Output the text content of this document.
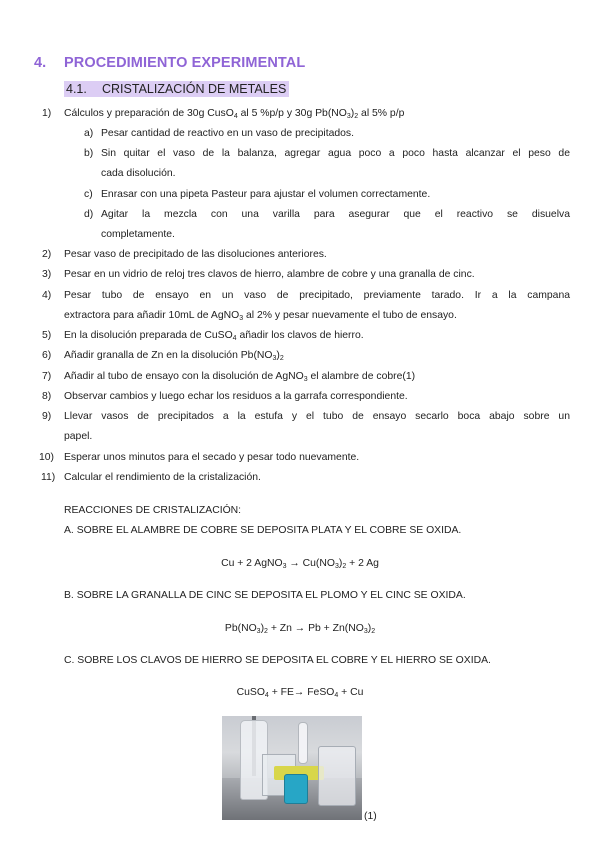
4. PROCEDIMIENTO EXPERIMENTAL
4.1. CRISTALIZACIÓN DE METALES
1) Cálculos y preparación de 30g CusO$_4$ al 5 %p/p y 30g $Pb(NO_3)_2$ al 5% p/p
a) Pesar cantidad de reactivo en un vaso de precipitados.
b) Sin quitar el vaso de la balanza, agregar agua poco a poco hasta alcanzar el peso de
cada disolución.
c) Enrasar con una pipeta Pasteur para ajustar el volumen correctamente.
d) Agitar la mezcla con una varilla para asegurar que el reactivo se disuelva
completamente.
2) Pesar vaso de precipitado de las disoluciones anteriores.
3) Pesar en un vidrio de reloj tres clavos de hierro, alambre de cobre y una granalla de cinc.
4) Pesar tubo de ensayo en un vaso de precipitado, previamente tarado. Ir a la campana
extractora para añadir 10mL de AgNO$_3$ al 2% y pesar nuevamente el tubo de ensayo.
5) En la disolución preparada de CuSO$_4$ añadir los clavos de hierro.
6) Añadir granalla de Zn en la disolución $Pb(NO_3)_2$
7) Añadir al tubo de ensayo con la disolución de AgNO$_3$ el alambre de cobre(1)
8) Observar cambios y luego echar los residuos a la garrafa correspondiente.
9) Llevar vasos de precipitados a la estufa y el tubo de ensayo secarlo boca abajo sobre un
papel.
10) Esperar unos minutos para el secado y pesar todo nuevamente.
11) Calcular el rendimiento de la cristalización.
REACCIONES DE CRISTALIZACIÓN:
A. SOBRE EL ALAMBRE DE COBRE SE DEPOSITA PLATA Y EL COBRE SE OXIDA.
Cu + 2 AgNO$_3$ → $Cu(NO_3)_2 + 2$ Ag
B. SOBRE LA GRANALLA DE CINC SE DEPOSITA EL PLOMO Y EL CINC SE OXIDA.
$Pb(NO_3)_2 + Zn \to Pb + Zn(NO_3)_2$
C. SOBRE LOS CLAVOS DE HIERRO SE DEPOSITA EL COBRE Y EL HIERRO SE OXIDA.
CuSO$_4$ + FE→ FeSO$_4$ + Cu
(1)
